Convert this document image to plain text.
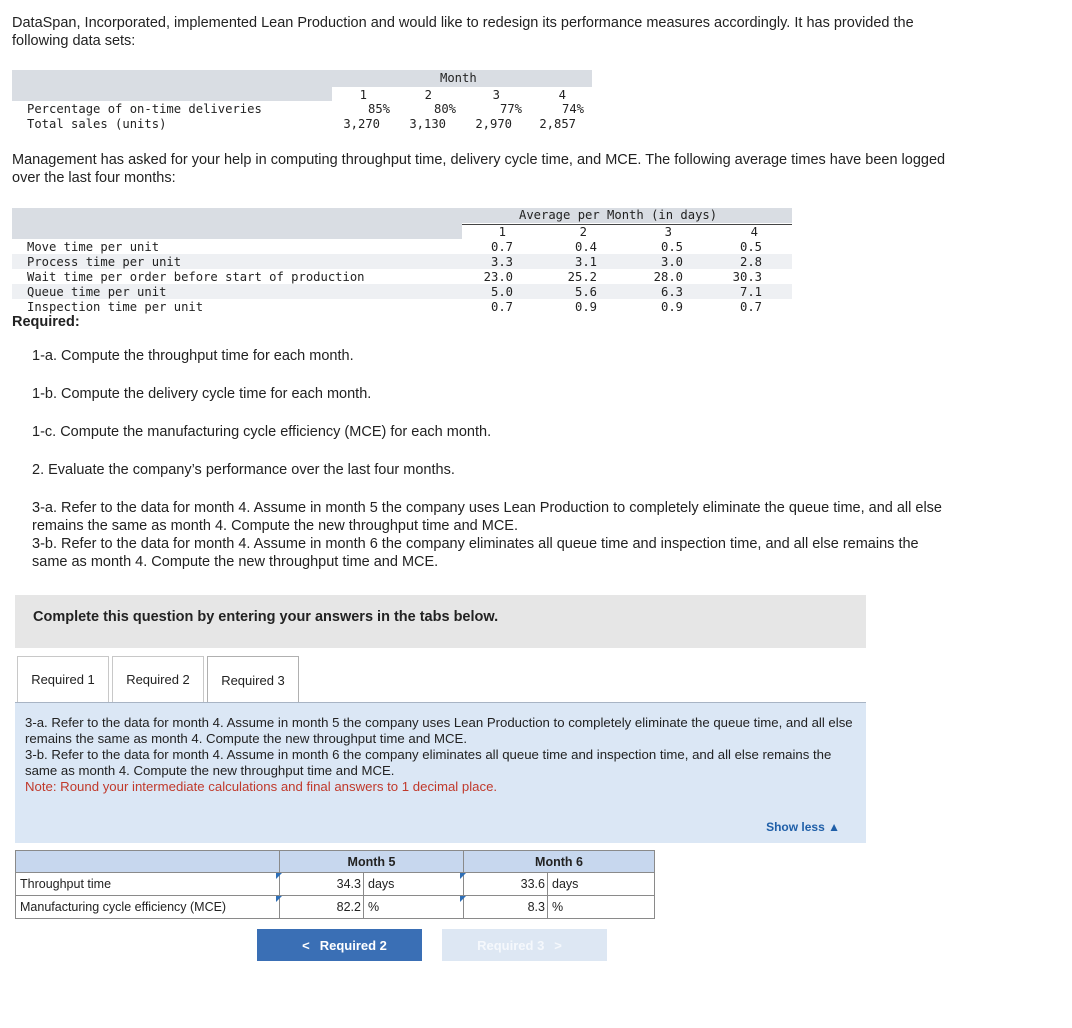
DataSpan, Incorporated, implemented Lean Production and would like to redesign its performance measures accordingly. It has provided the following data sets:
Month
1	2	3	4
Percentage of on-time deliveries	85%	80%	77%	74%
Total sales (units)	3,270	3,130	2,970	2,857
Management has asked for your help in computing throughput time, delivery cycle time, and MCE. The following average times have been logged over the last four months:
Average per Month (in days)
1	2	3	4
Move time per unit	0.7	0.4	0.5	0.5
Process time per unit	3.3	3.1	3.0	2.8
Wait time per order before start of production	23.0	25.2	28.0	30.3
Queue time per unit	5.0	5.6	6.3	7.1
Inspection time per unit	0.7	0.9	0.9	0.7
Required:
1-a. Compute the throughput time for each month.
1-b. Compute the delivery cycle time for each month.
1-c. Compute the manufacturing cycle efficiency (MCE) for each month.
2. Evaluate the company’s performance over the last four months.
3-a. Refer to the data for month 4. Assume in month 5 the company uses Lean Production to completely eliminate the queue time, and all else remains the same as month 4. Compute the new throughput time and MCE.
3-b. Refer to the data for month 4. Assume in month 6 the company eliminates all queue time and inspection time, and all else remains the same as month 4. Compute the new throughput time and MCE.
Complete this question by entering your answers in the tabs below.
Required 1	Required 2	Required 3
3-a. Refer to the data for month 4. Assume in month 5 the company uses Lean Production to completely eliminate the queue time, and all else remains the same as month 4. Compute the new throughput time and MCE.
3-b. Refer to the data for month 4. Assume in month 6 the company eliminates all queue time and inspection time, and all else remains the same as month 4. Compute the new throughput time and MCE.
Note: Round your intermediate calculations and final answers to 1 decimal place.
Show less ▲
	Month 5	Month 6
Throughput time	34.3 days	33.6 days

Manufacturing cycle efficiency (MCE)	82.2 %	8.3 %
< Required 2	Required 3 >
